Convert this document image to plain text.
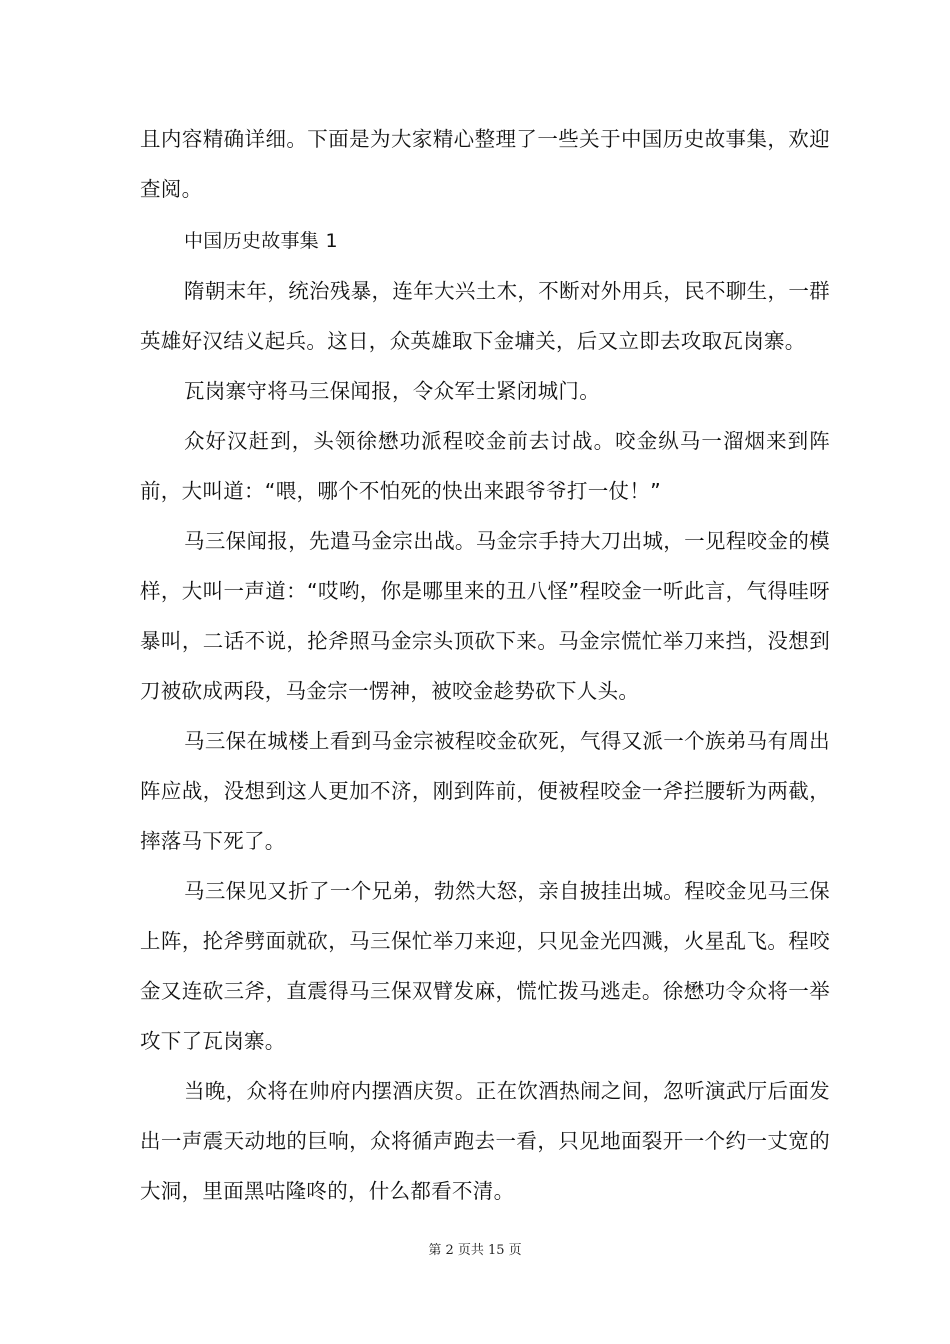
且内容精确详细。下面是为大家精心整理了一些关于中国历史故事集，欢迎查阅。

中国历史故事集 1

隋朝末年，统治残暴，连年大兴土木，不断对外用兵，民不聊生，一群英雄好汉结义起兵。这日，众英雄取下金墉关，后又立即去攻取瓦岗寨。

瓦岗寨守将马三保闻报，令众军士紧闭城门。

众好汉赶到，头领徐懋功派程咬金前去讨战。咬金纵马一溜烟来到阵前，大叫道：“喂，哪个不怕死的快出来跟爷爷打一仗！”

马三保闻报，先遣马金宗出战。马金宗手持大刀出城，一见程咬金的模样，大叫一声道：“哎哟，你是哪里来的丑八怪”程咬金一听此言，气得哇呀暴叫，二话不说，抡斧照马金宗头顶砍下来。马金宗慌忙举刀来挡，没想到刀被砍成两段，马金宗一愣神，被咬金趁势砍下人头。

马三保在城楼上看到马金宗被程咬金砍死，气得又派一个族弟马有周出阵应战，没想到这人更加不济，刚到阵前，便被程咬金一斧拦腰斩为两截，摔落马下死了。

马三保见又折了一个兄弟，勃然大怒，亲自披挂出城。程咬金见马三保上阵，抡斧劈面就砍，马三保忙举刀来迎，只见金光四溅，火星乱飞。程咬金又连砍三斧，直震得马三保双臂发麻，慌忙拨马逃走。徐懋功令众将一举攻下了瓦岗寨。

当晚，众将在帅府内摆酒庆贺。正在饮酒热闹之间，忽听演武厅后面发出一声震天动地的巨响，众将循声跑去一看，只见地面裂开一个约一丈宽的大洞，里面黑咕隆咚的，什么都看不清。

第 2 页共 15 页
